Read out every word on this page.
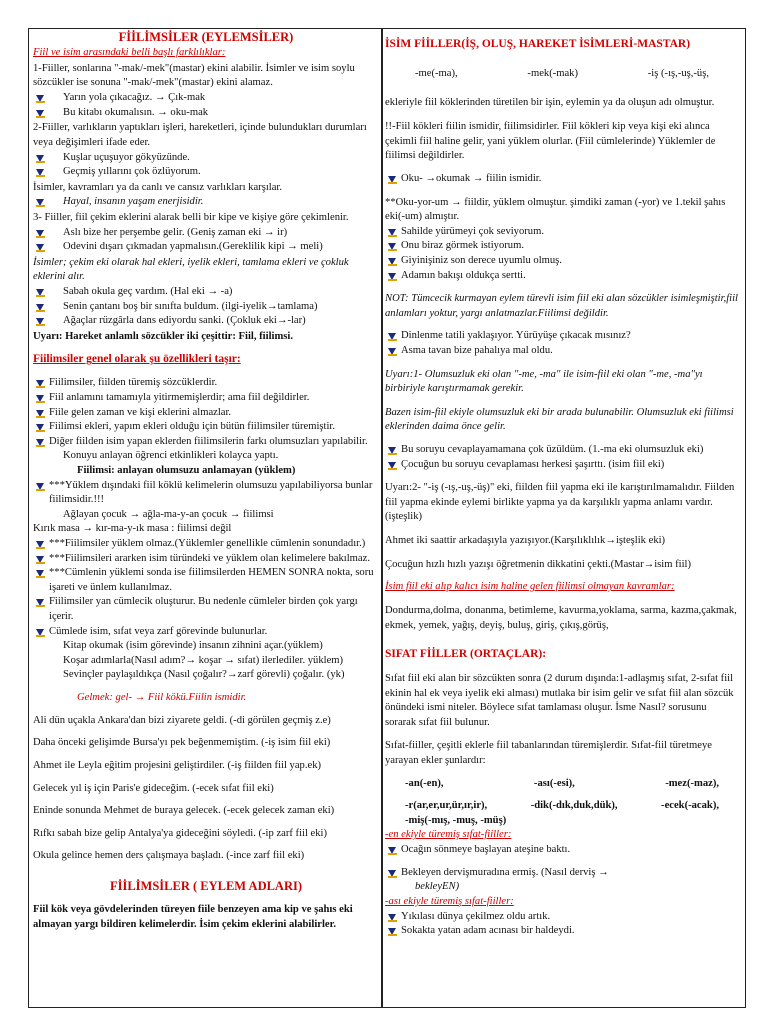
FİİLİMSİLER (EYLEMSİLER)
Fiil ve isim arasındaki belli başlı farklılıklar:
1-Fiiller, sonlarına "-mak/-mek"(mastar) ekini alabilir. İsimler ve isim soylu sözcükler ise sonuna "-mak/-mek"(mastar) ekini alamaz.
Yarın yola çıkacağız. → Çık-mak
Bu kitabı okumalısın. → oku-mak
2-Fiiller, varlıkların yaptıkları işleri, hareketleri, içinde bulundukları durumları veya değişimleri ifade eder.
Kuşlar uçuşuyor gökyüzünde.
Geçmiş yıllarını çok özlüyorum.
İsimler, kavramları ya da canlı ve cansız varlıkları karşılar.
Hayal, insanın yaşam enerjisidir.
3- Fiiller, fiil çekim eklerini alarak belli bir kipe ve kişiye göre çekimlenir.
Aslı bize her perşembe gelir. (Geniş zaman eki → ir)
Odevini dışarı çıkmadan yapmalısın.(Gereklilik kipi → meli)
İsimler; çekim eki olarak hal ekleri, iyelik ekleri, tamlama ekleri ve çokluk eklerini alır.
Sabah okula geç vardım. (Hal eki → -a)
Senin çantanı boş bir sınıfta buldum. (ilgi-iyelik→tamlama)
Ağaçlar rüzgârla dans ediyordu sanki. (Çokluk eki→-lar)
Uyarı: Hareket anlamlı sözcükler iki çeşittir: Fiil, fiilimsi.
Fiilimsiler genel olarak şu özellikleri taşır:
Fiilimsiler, fiilden türemiş sözcüklerdir.
Fiil anlamını tamamıyla yitirmemişlerdir; ama fiil değildirler.
Fiile gelen zaman ve kişi eklerini almazlar.
Fiilimsi ekleri, yapım ekleri olduğu için bütün fiilimsiler türemiştir.
Diğer fiilden isim yapan eklerden fiilimsilerin farkı olumsuzları yapılabilir.
Konuyu anlayan öğrenci etkinlikleri kolayca yaptı.
Fiilimsi: anlayan olumsuzu anlamayan (yüklem)
***Yüklem dışındaki fiil köklü kelimelerin olumsuzu yapılabiliyorsa bunlar fiilimsidir.!!!
Ağlayan çocuk → ağla-ma-y-an çocuk → fiilimsi
Kırık masa → kır-ma-y-ık masa : fiilimsi değil
***Fiilimsiler yüklem olmaz.(Yüklemler genellikle cümlenin sonundadır.)
***Fiilimsileri ararken isim türündeki ve yüklem olan kelimelere bakılmaz.
***Cümlenin yüklemi sonda ise fiilimsilerden HEMEN SONRA nokta, soru işareti ve ünlem kullanılmaz.
Fiilimsiler yan cümlecik oluşturur. Bu nedenle cümleler birden çok yargı içerir.
Cümlede isim, sıfat veya zarf görevinde bulunurlar.
Kitap okumak (isim görevinde) insanın zihnini açar.(yüklem)
Koşar adımlarla(Nasıl adım?→ koşar → sıfat) ilerlediler. yüklem)
Sevinçler paylaşıldıkça (Nasıl çoğalır?→zarf görevli) çoğalır. (yk)
Gelmek: gel- → Fiil kökü.Fiilin ismidir.
Ali dün uçakla Ankara'dan bizi ziyarete geldi. (-di görülen geçmiş z.e)
Daha önceki gelişimde Bursa'yı pek beğenmemiştim. (-iş isim fiil eki)
Ahmet ile Leyla eğitim projesini geliştirdiler. (-iş fiilden fiil yap.ek)
Gelecek yıl iş için Paris'e gideceğim. (-ecek sıfat fiil eki)
Eninde sonunda Mehmet de buraya gelecek. (-ecek gelecek zaman eki)
Rıfkı sabah bize gelip Antalya'ya gideceğini söyledi. (-ip zarf fiil eki)
Okula gelince hemen ders çalışmaya başladı. (-ince zarf fiil eki)
FİİLİMSİLER ( EYLEM ADLARI)
Fiil kök veya gövdelerinden türeyen fiile benzeyen ama kip ve şahıs eki almayan yargı bildiren kelimelerdir. İsim çekim eklerini alabilirler.
İSİM FİİLLER(İŞ, OLUŞ, HAREKET İSİMLERİ-MASTAR)
-me(-ma),	-mek(-mak)	-iş (-ış,-uş,-üş,
ekleriyle fiil köklerinden türetilen bir işin, eylemin ya da oluşun adı olmuştur.
!!-Fiil kökleri fiilin ismidir, fiilimsidirler. Fiil kökleri kip veya kişi eki alınca çekimli fiil haline gelir, yani yüklem olurlar. (Fiil cümlelerinde) Yüklemler de fiilimsi değildirler.
Oku- →okumak → fiilin ismidir.
**Oku-yor-um → fiildir, yüklem olmuştur. şimdiki zaman (-yor) ve 1.tekil şahıs eki(-um) almıştır.
Sahilde yürümeyi çok seviyorum.
Onu biraz görmek istiyorum.
Giyinişiniz son derece uyumlu olmuş.
Adamın bakışı oldukça sertti.
NOT: Tümcecik kurmayan eylem türevli isim fiil eki alan sözcükler isimleşmiştir,fiil anlamları yoktur, yargı anlatmazlar.Fiilimsi değildir.
Dinlenme tatili yaklaşıyor. Yürüyüşe çıkacak mısınız?
Asma tavan bize pahalıya mal oldu.
Uyarı:1- Olumsuzluk eki olan "-me, -ma" ile isim-fiil eki olan "-me, -ma"yı birbiriyle karıştırmamak gerekir.
Bazen isim-fiil ekiyle olumsuzluk eki bir arada bulunabilir. Olumsuzluk eki fiilimsi eklerinden daima önce gelir.
Bu soruyu cevaplayamamana çok üzüldüm. (1.-ma eki olumsuzluk eki)
Çocuğun bu soruyu cevaplaması herkesi şaşırttı. (isim fiil eki)
Uyarı:2- "-iş (-ış,-uş,-üş)" eki, fiilden fiil yapma eki ile karıştırılmamalıdır. Fiilden fiil yapma ekinde eylemi birlikte yapma ya da karşılıklı yapma anlamı vardır.(işteşlik)
Ahmet iki saattir arkadaşıyla yazışıyor.(Karşılıklılık→işteşlik eki)
Çocuğun hızlı hızlı yazışı öğretmenin dikkatini çekti.(Mastar→isim fiil)
İsim fiil eki alıp kalıcı isim haline gelen fiilimsi olmayan kavramlar:
Dondurma,dolma, donanma, betimleme, kavurma,yoklama, sarma, kazma,çakmak, ekmek, yemek, yağış, deyiş, buluş, giriş, çıkış,görüş,
SIFAT FİİLLER (ORTAÇLAR):
Sıfat fiil eki alan bir sözcükten sonra (2 durum dışında:1-adlaşmış sıfat, 2-sıfat fiil ekinin hal ek veya iyelik eki alması) mutlaka bir isim gelir ve sıfat fiil alan sözcük önündeki ismi niteler. Böylece sıfat tamlaması oluşur. İsme Nasıl? sorusunu sorarak sıfat fiil bulunur.
Sıfat-fiiller, çeşitli eklerle fiil tabanlarından türemişlerdir. Sıfat-fiil türetmeye yarayan ekler şunlardır:
-an(-en),	-ası(-esi),	-mez(-maz),
-r(ar,er,ur,ür,ır,ir),	-dik(-dık,duk,dük),	-ecek(-acak),
-miş(-mış, -muş, -müş)
-en ekiyle türemiş sıfat-fiiller:
Ocağın sönmeye başlayan ateşine baktı.
Bekleyen dervişmuradına ermiş. (Nasıl derviş →
bekleyEN)
-ası ekiyle türemiş sıfat-fiiller:
Yıkılası dünya çekilmez oldu artık.
Sokakta yatan adam acınası bir haldeydi.
